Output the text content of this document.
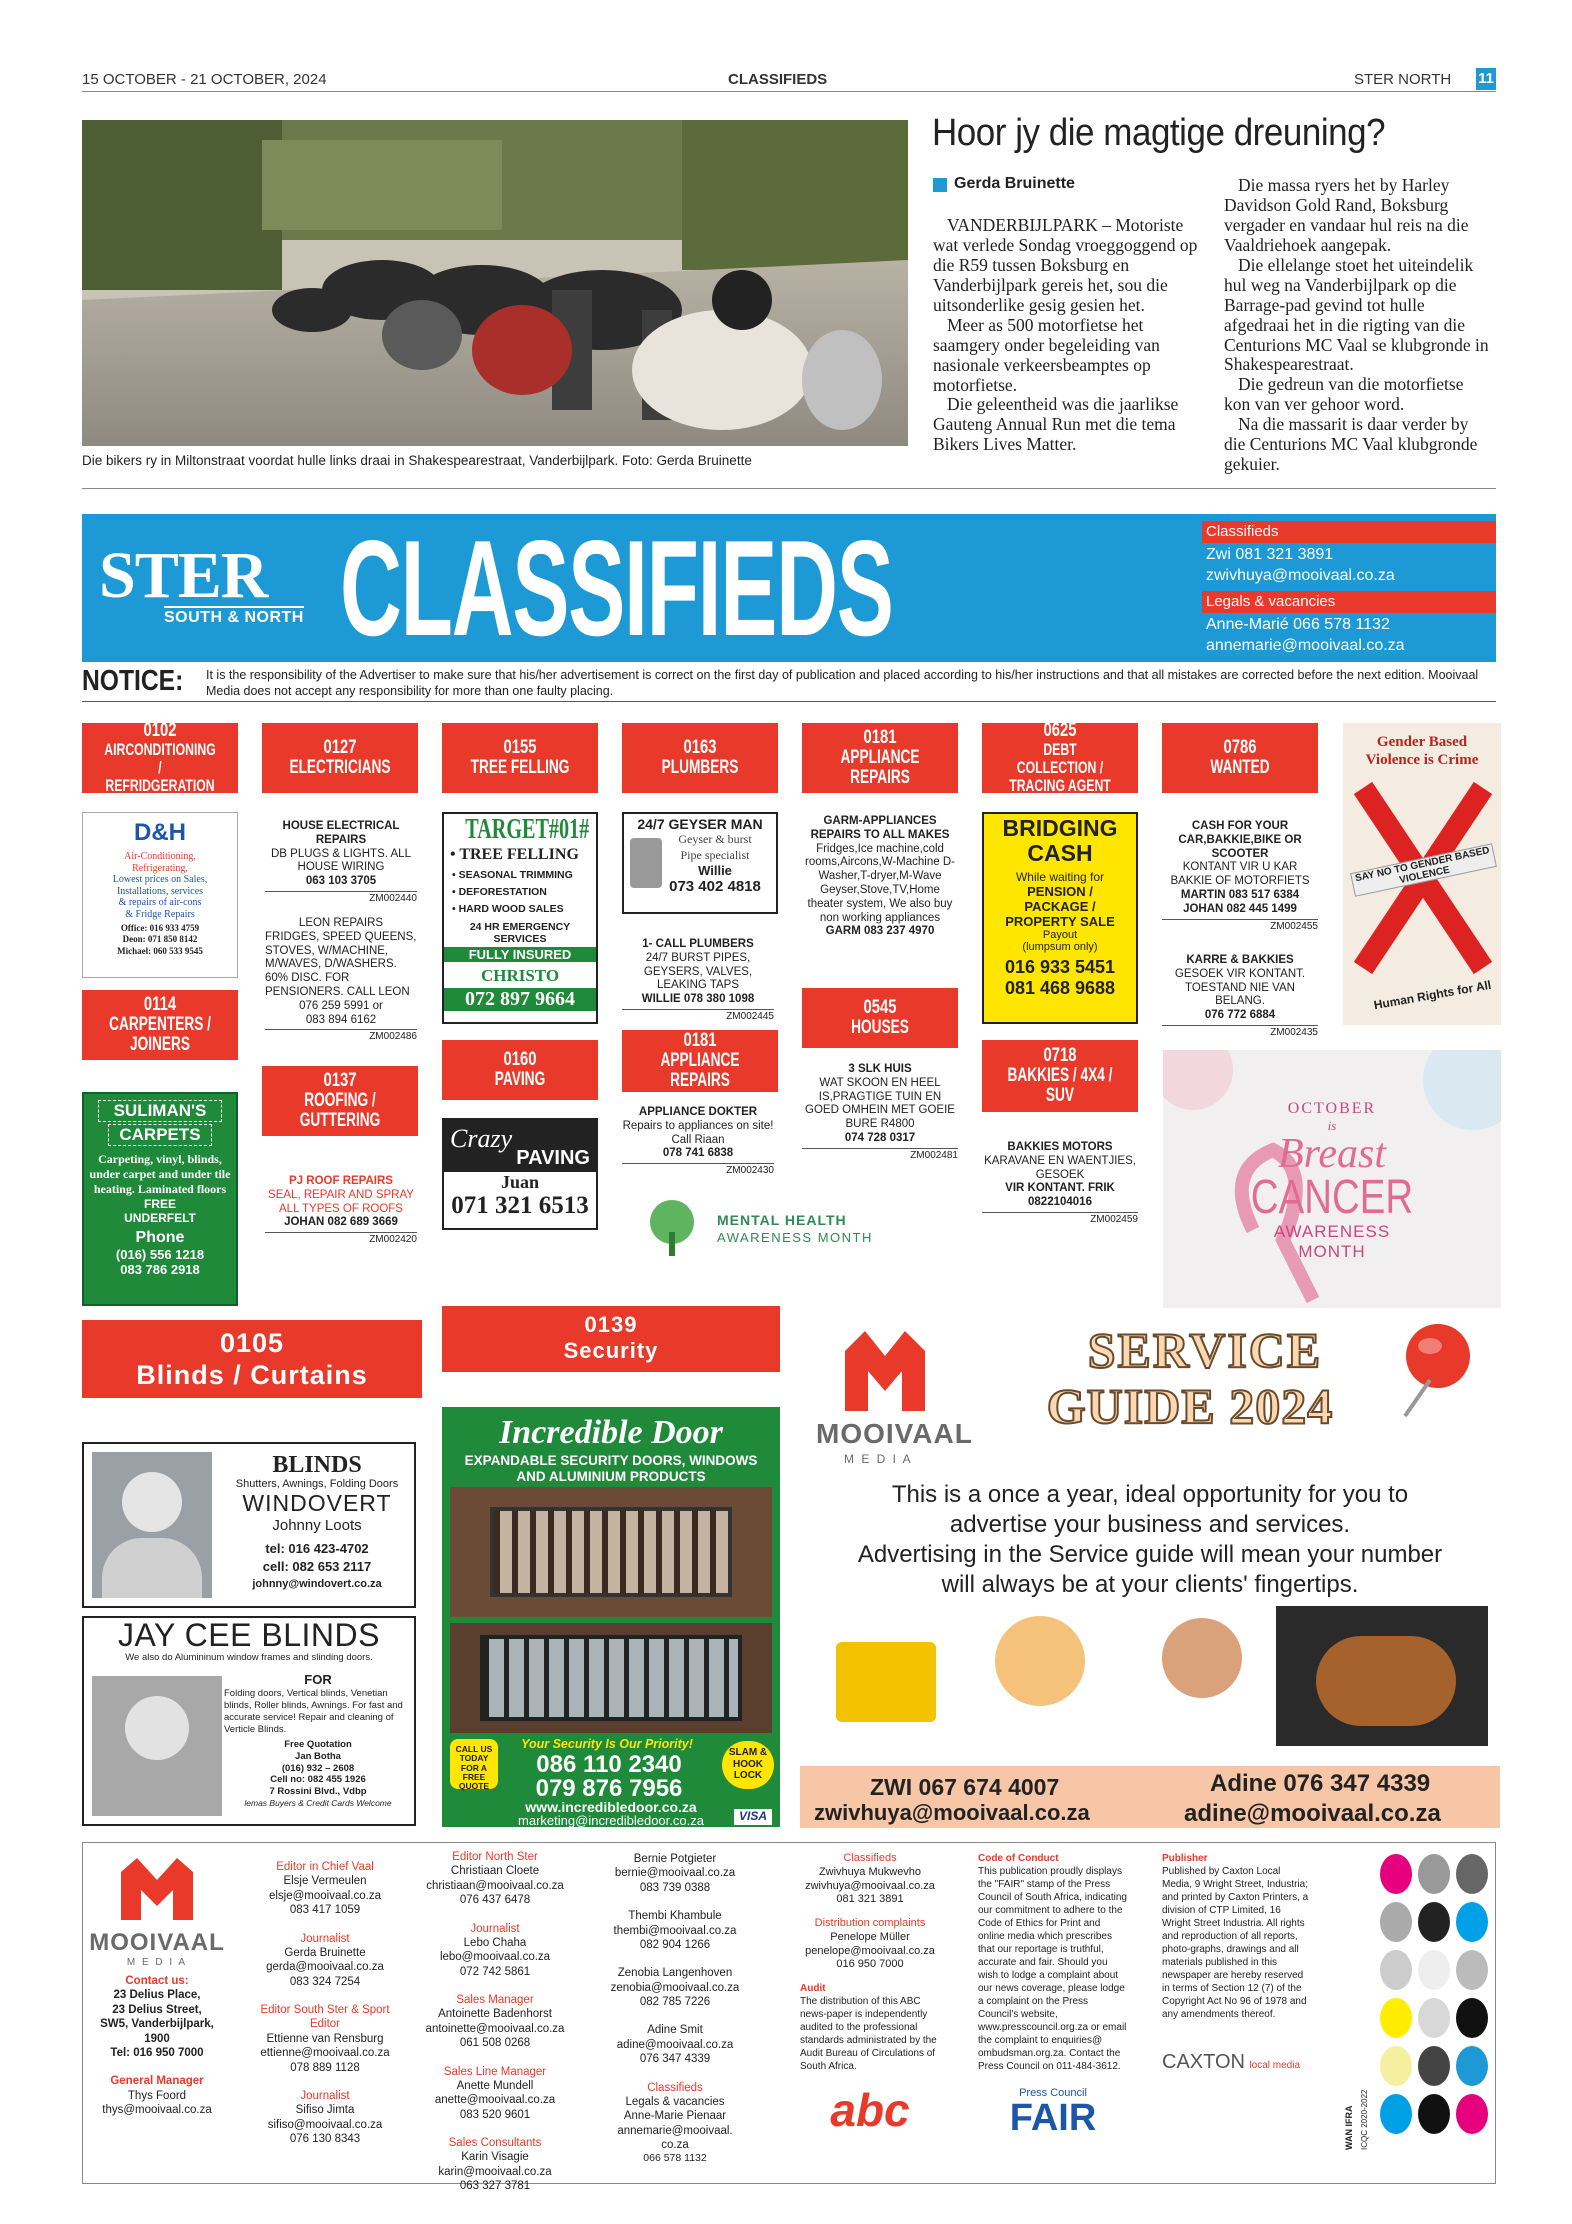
15 OCTOBER - 21 OCTOBER, 2024	CLASSIFIEDS	STER NORTH 11
Die bikers ry in Miltonstraat voordat hulle links draai in Shakespearestraat, Vanderbijlpark. Foto: Gerda Bruinette
Hoor jy die magtige dreuning?
Gerda Bruinette

VANDERBIJLPARK – Motoriste wat verlede Sondag vroeggoggend op die R59 tussen Boksburg en Vanderbijlpark gereis het, sou die uitsonderlike gesig gesien het.

Meer as 500 motorfietse het saamgery onder begeleiding van nasionale verkeersbeamptes op motorfietse.

Die geleentheid was die jaarlikse Gauteng Annual Run met die tema Bikers Lives Matter.

Die massa ryers het by Harley Davidson Gold Rand, Boksburg vergader en vandaar hul reis na die Vaaldriehoek aangepak.

Die ellelange stoet het uiteindelik hul weg na Vanderbijlpark op die Barrage-pad gevind tot hulle afgedraai het in die rigting van die Centurions MC Vaal se klubgronde in Shakespearestraat.

Die gedreun van die motorfietse kon van ver gehoor word.

Na die massarit is daar verder by die Centurions MC Vaal klubgronde gekuier.

STER
SOUTH & NORTH CLASSIFIEDS	Classifieds
Zwi 081 321 3891
zwivhuya@mooivaal.co.za
Legals & vacancies
Anne-Marié 066 578 1132
annemarie@mooivaal.co.za
NOTICE: It is the responsibility of the Advertiser to make sure that his/her advertisement is correct on the first day of publication and placed according to his/her instructions and that all mistakes are corrected before the next edition. Mooivaal Media does not accept any responsibility for more than one faulty placing.
0102
AIRCONDITIONING / REFRIDGERATION
0127
ELECTRICIANS
0155
TREE FELLING
0163
PLUMBERS
0181
APPLIANCE REPAIRS
0625
DEBT COLLECTION / TRACING AGENT
0786
WANTED
Gender Based
Violence is Crime
SAY NO TO GENDER BASED VIOLENCE
Human Rights for All
D&H
Air-Conditioning,
Refrigerating,
Lowest prices on Sales,
Installations, services
& repairs of air-cons
& Fridge Repairs
Office: 016 933 4759
Deon: 071 850 8142
Michael: 060 533 9545
HOUSE ELECTRICAL REPAIRS
DB PLUGS & LIGHTS. ALL HOUSE WIRING
063 103 3705
ZM002440
LEON REPAIRS
FRIDGES, SPEED QUEENS, STOVES, W/MACHINE, M/WAVES, D/WASHERS. 60% DISC. FOR PENSIONERS. CALL LEON
076 259 5991 or
083 894 6162
ZM002486
TARGET#01#
• TREE FELLING
• SEASONAL TRIMMING
• DEFORESTATION
• HARD WOOD SALES
24 HR EMERGENCY SERVICES
FULLY INSURED
CHRISTO
072 897 9664
24/7 GEYSER MAN
Geyser & burst
Pipe specialist
Willie
073 402 4818
1- CALL PLUMBERS
24/7 BURST PIPES, GEYSERS, VALVES, LEAKING TAPS
WILLIE 078 380 1098
ZM002445
GARM-APPLIANCES REPAIRS TO ALL MAKES
Fridges,Ice machine,cold rooms,Aircons,W-Machine D- Washer,T-dryer,M-Wave Geyser,Stove,TV,Home theater system, We also buy non working appliances
GARM 083 237 4970
BRIDGING
CASH
While waiting for
PENSION /
PACKAGE /
PROPERTY SALE
Payout
(lumpsum only)
016 933 5451
081 468 9688
CASH FOR YOUR CAR,BAKKIE,BIKE OR SCOOTER
KONTANT VIR U KAR BAKKIE OF MOTORFIETS
MARTIN 083 517 6384
JOHAN 082 445 1499
ZM002455
KARRE & BAKKIES
GESOEK VIR KONTANT. TOESTAND NIE VAN BELANG.
076 772 6884
ZM002435
0114
CARPENTERS / JOINERS
0137
ROOFING / GUTTERING
0160
PAVING
0181
APPLIANCE REPAIRS
0545
HOUSES
0718
BAKKIES / 4X4 / SUV
SULIMAN'S
CARPETS
Carpeting, vinyl, blinds, under carpet and under tile heating. Laminated floors
FREE
UNDERFELT
Phone
(016) 556 1218
083 786 2918
PJ ROOF REPAIRS
SEAL, REPAIR AND SPRAY ALL TYPES OF ROOFS
JOHAN 082 689 3669
ZM002420
Crazy
PAVING
Juan
071 321 6513
APPLIANCE DOKTER
Repairs to appliances on site! Call Riaan
078 741 6838
ZM002430
3 SLK HUIS
WAT SKOON EN HEEL IS,PRAGTIGE TUIN EN GOED OMHEIN MET GOEIE BURE R4800
074 728 0317
ZM002481
MENTAL HEALTH
AWARENESS MONTH
BAKKIES MOTORS
KARAVANE EN WAENTJIES, GESOEK
VIR KONTANT. FRIK
0822104016
ZM002459
OCTOBER
is
Breast
CANCER
AWARENESS
MONTH
0105
Blinds / Curtains
0139
Security
BLINDS
Shutters, Awnings, Folding Doors
WINDOVERT
Johnny Loots
tel: 016 423-4702
cell: 082 653 2117
johnny@windovert.co.za
JAY CEE BLINDS
We also do Alumininum window frames and slinding doors.
FOR
Folding doors, Vertical blinds, Venetian blinds, Roller blinds, Awnings. For fast and accurate service! Repair and cleaning of Verticle Blinds.
Free Quotation
Jan Botha
(016) 932 – 2608
Cell no: 082 455 1926
7 Rossini Blvd., Vdbp
lemas Buyers & Credit Cards Welcome
Incredible Door
EXPANDABLE SECURITY DOORS, WINDOWS AND ALUMINIUM PRODUCTS
CALL US TODAY FOR A FREE QUOTE
Your Security Is Our Priority!
086 110 2340
079 876 7956
SLAM & HOOK LOCK
www.incredibledoor.co.za
marketing@incredibledoor.co.za	VISA
MOOIVAAL
M E D I A
SERVICE
GUIDE 2024
This is a once a year, ideal opportunity for you to
advertise your business and services.
Advertising in the Service guide will mean your number
will always be at your clients' fingertips.
ZWI 067 674 4007
zwivhuya@mooivaal.co.za
Adine 076 347 4339
adine@mooivaal.co.za
MOOIVAAL
M E D I A
Contact us:
23 Delius Place,
23 Delius Street,
SW5, Vanderbijlpark,
1900
Tel: 016 950 7000
General Manager
Thys Foord
thys@mooivaal.co.za
Editor in Chief Vaal
Elsje Vermeulen
elsje@mooivaal.co.za
083 417 1059
Journalist
Gerda Bruinette
gerda@mooivaal.co.za
083 324 7254
Editor South Ster & Sport Editor
Ettienne van Rensburg
ettienne@mooivaal.co.za
078 889 1128
Journalist
Sifiso Jimta
sifiso@mooivaal.co.za
076 130 8343
Editor North Ster
Christiaan Cloete
christiaan@mooivaal.co.za
076 437 6478
Journalist
Lebo Chaha
lebo@mooivaal.co.za
072 742 5861
Sales Manager
Antoinette Badenhorst
antoinette@mooivaal.co.za
061 508 0268
Sales Line Manager
Anette Mundell
anette@mooivaal.co.za
083 520 9601
Sales Consultants
Karin Visagie
karin@mooivaal.co.za
063 327 3781
Bernie Potgieter
bernie@mooivaal.co.za
083 739 0388
Thembi Khambule
thembi@mooivaal.co.za
082 904 1266
Zenobia Langenhoven
zenobia@mooivaal.co.za
082 785 7226
Adine Smit
adine@mooivaal.co.za
076 347 4339
Classifieds
Legals & vacancies
Anne-Marie Pienaar
annemarie@mooivaal.
co.za
066 578 1132
Classifieds
Zwivhuya Mukwevho
zwivhuya@mooivaal.co.za
081 321 3891
Distribution complaints
Penelope Müller
penelope@mooivaal.co.za
016 950 7000
Audit
The distribution of this ABC news-paper is independently audited to the professional standards administrated by the Audit Bureau of Circulations of South Africa.
abc
Code of Conduct
This publication proudly displays the "FAIR" stamp of the Press Council of South Africa, indicating our commitment to adhere to the Code of Ethics for Print and online media which prescribes that our reportage is truthful, accurate and fair. Should you wish to lodge a complaint about our news coverage, please lodge a complaint on the Press Council's website, www.presscouncil.org.za or email the complaint to enquiries@ ombudsman.org.za. Contact the Press Council on 011-484-3612.
Press Council
FAIR
Publisher
Published by Caxton Local Media, 9 Wright Street, Industria; and printed by Caxton Printers, a division of CTP Limited, 16 Wright Street Industria. All rights and reproduction of all reports, photo-graphs, drawings and all materials published in this newspaper are hereby reserved in terms of Section 12 (7) of the Copyright Act No 96 of 1978 and any amendments thereof.
CAXTON local media
WAN IFRA ICQC 2020-2022
